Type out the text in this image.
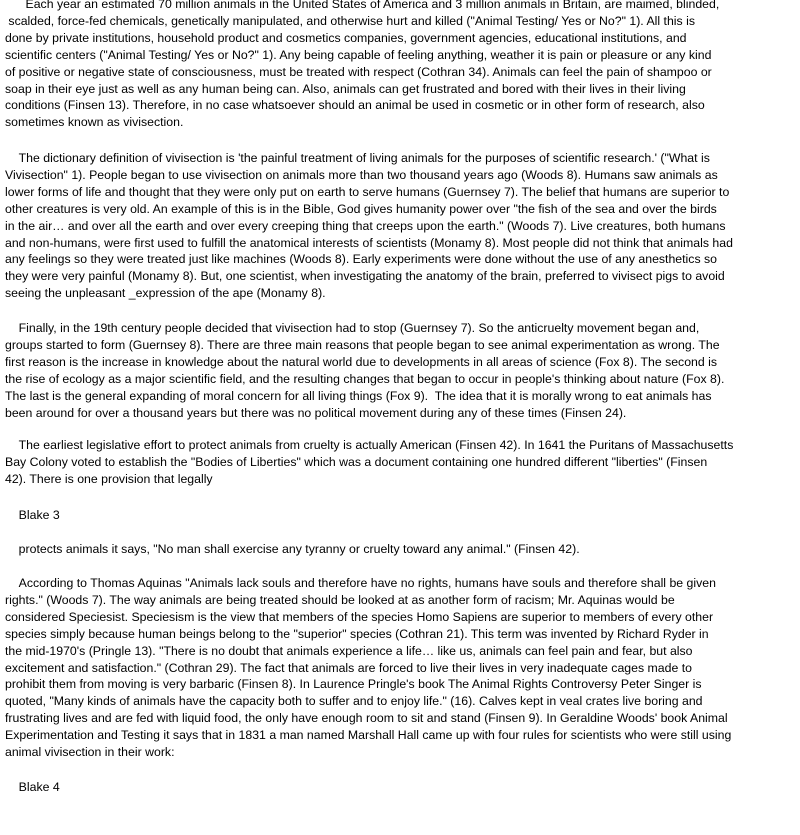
Each year an estimated 70 million animals in the United States of America and 3 million animals in Britain, are maimed, blinded,
scalded, force-fed chemicals, genetically manipulated, and otherwise hurt and killed ("Animal Testing/ Yes or No?" 1). All this is
done by private institutions, household product and cosmetics companies, government agencies, educational institutions, and
scientific centers ("Animal Testing/ Yes or No?" 1). Any being capable of feeling anything, weather it is pain or pleasure or any kind
of positive or negative state of consciousness, must be treated with respect (Cothran 34). Animals can feel the pain of shampoo or
soap in their eye just as well as any human being can. Also, animals can get frustrated and bored with their lives in their living
conditions (Finsen 13). Therefore, in no case whatsoever should an animal be used in cosmetic or in other form of research, also
sometimes known as vivisection.

The dictionary definition of vivisection is 'the painful treatment of living animals for the purposes of scientific research.' ("What is
Vivisection" 1). People began to use vivisection on animals more than two thousand years ago (Woods 8). Humans saw animals as
lower forms of life and thought that they were only put on earth to serve humans (Guernsey 7). The belief that humans are superior to
other creatures is very old. An example of this is in the Bible, God gives humanity power over "the fish of the sea and over the birds
in the air… and over all the earth and over every creeping thing that creeps upon the earth." (Woods 7). Live creatures, both humans
and non-humans, were first used to fulfill the anatomical interests of scientists (Monamy 8). Most people did not think that animals had
any feelings so they were treated just like machines (Woods 8). Early experiments were done without the use of any anesthetics so
they were very painful (Monamy 8). But, one scientist, when investigating the anatomy of the brain, preferred to vivisect pigs to avoid
seeing the unpleasant _expression of the ape (Monamy 8).

Finally, in the 19th century people decided that vivisection had to stop (Guernsey 7). So the anticruelty movement began and,
groups started to form (Guernsey 8). There are three main reasons that people began to see animal experimentation as wrong. The
first reason is the increase in knowledge about the natural world due to developments in all areas of science (Fox 8). The second is
the rise of ecology as a major scientific field, and the resulting changes that began to occur in people's thinking about nature (Fox 8).
The last is the general expanding of moral concern for all living things (Fox 9).  The idea that it is morally wrong to eat animals has
been around for over a thousand years but there was no political movement during any of these times (Finsen 24).

The earliest legislative effort to protect animals from cruelty is actually American (Finsen 42). In 1641 the Puritans of Massachusetts
Bay Colony voted to establish the "Bodies of Liberties" which was a document containing one hundred different "liberties" (Finsen
42). There is one provision that legally

Blake 3

protects animals it says, "No man shall exercise any tyranny or cruelty toward any animal." (Finsen 42).

According to Thomas Aquinas "Animals lack souls and therefore have no rights, humans have souls and therefore shall be given
rights." (Woods 7). The way animals are being treated should be looked at as another form of racism; Mr. Aquinas would be
considered Speciesist. Speciesism is the view that members of the species Homo Sapiens are superior to members of every other
species simply because human beings belong to the "superior" species (Cothran 21). This term was invented by Richard Ryder in
the mid-1970's (Pringle 13). "There is no doubt that animals experience a life… like us, animals can feel pain and fear, but also
excitement and satisfaction." (Cothran 29). The fact that animals are forced to live their lives in very inadequate cages made to
prohibit them from moving is very barbaric (Finsen 8). In Laurence Pringle's book The Animal Rights Controversy Peter Singer is
quoted, "Many kinds of animals have the capacity both to suffer and to enjoy life." (16). Calves kept in veal crates live boring and
frustrating lives and are fed with liquid food, the only have enough room to sit and stand (Finsen 9). In Geraldine Woods' book Animal
Experimentation and Testing it says that in 1831 a man named Marshall Hall came up with four rules for scientists who were still using
animal vivisection in their work:

Blake 4
